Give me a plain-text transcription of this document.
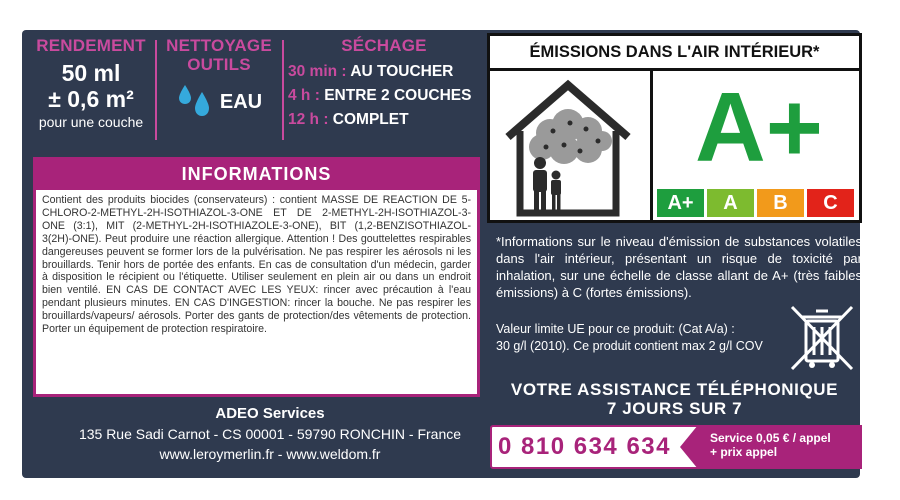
RENDEMENT
50 ml
± 0,6 m²
pour une couche
NETTOYAGE
OUTILS
EAU
SÉCHAGE
30 min : AU TOUCHER
4 h : ENTRE 2 COUCHES
12 h : COMPLET
INFORMATIONS
Contient des produits biocides (conservateurs) : contient MASSE DE REACTION DE 5-CHLORO-2-METHYL-2H-ISOTHIAZOL-3-ONE ET DE 2-METHYL-2H-ISOTHIAZOL-3-ONE (3:1), MIT (2-METHYL-2H-ISOTHIAZOLE-3-ONE), BIT (1,2-BENZISOTHIAZOL-3(2H)-ONE). Peut produire une réaction allergique. Attention ! Des gouttelettes respirables dangereuses peuvent se former lors de la pulvérisation. Ne pas respirer les aérosols ni les brouillards. Tenir hors de portée des enfants. En cas de consultation d'un médecin, garder à disposition le récipient ou l'étiquette. Utiliser seulement en plein air ou dans un endroit bien ventilé. EN CAS DE CONTACT AVEC LES YEUX: rincer avec précaution à l'eau pendant plusieurs minutes. EN CAS D'INGESTION: rincer la bouche. Ne pas respirer les brouillards/vapeurs/ aérosols. Porter des gants de protection/des vêtements de protection. Porter un équipement de protection respiratoire.
ADEO Services
135 Rue Sadi Carnot - CS 00001 - 59790 RONCHIN - France
www.leroymerlin.fr - www.weldom.fr
ÉMISSIONS DANS L'AIR INTÉRIEUR*
A+
A+	A	B	C
*Informations sur le niveau d'émission de substances volatiles dans l'air intérieur, présentant un risque de toxicité par inhalation, sur une échelle de classe allant de A+ (très faibles émissions) à C (fortes émissions).
Valeur limite UE pour ce produit: (Cat A/a) :
30 g/l (2010). Ce produit contient max 2 g/l COV
VOTRE ASSISTANCE TÉLÉPHONIQUE
7 JOURS SUR 7
0 810 634 634	Service 0,05 € / appel
+ prix appel
